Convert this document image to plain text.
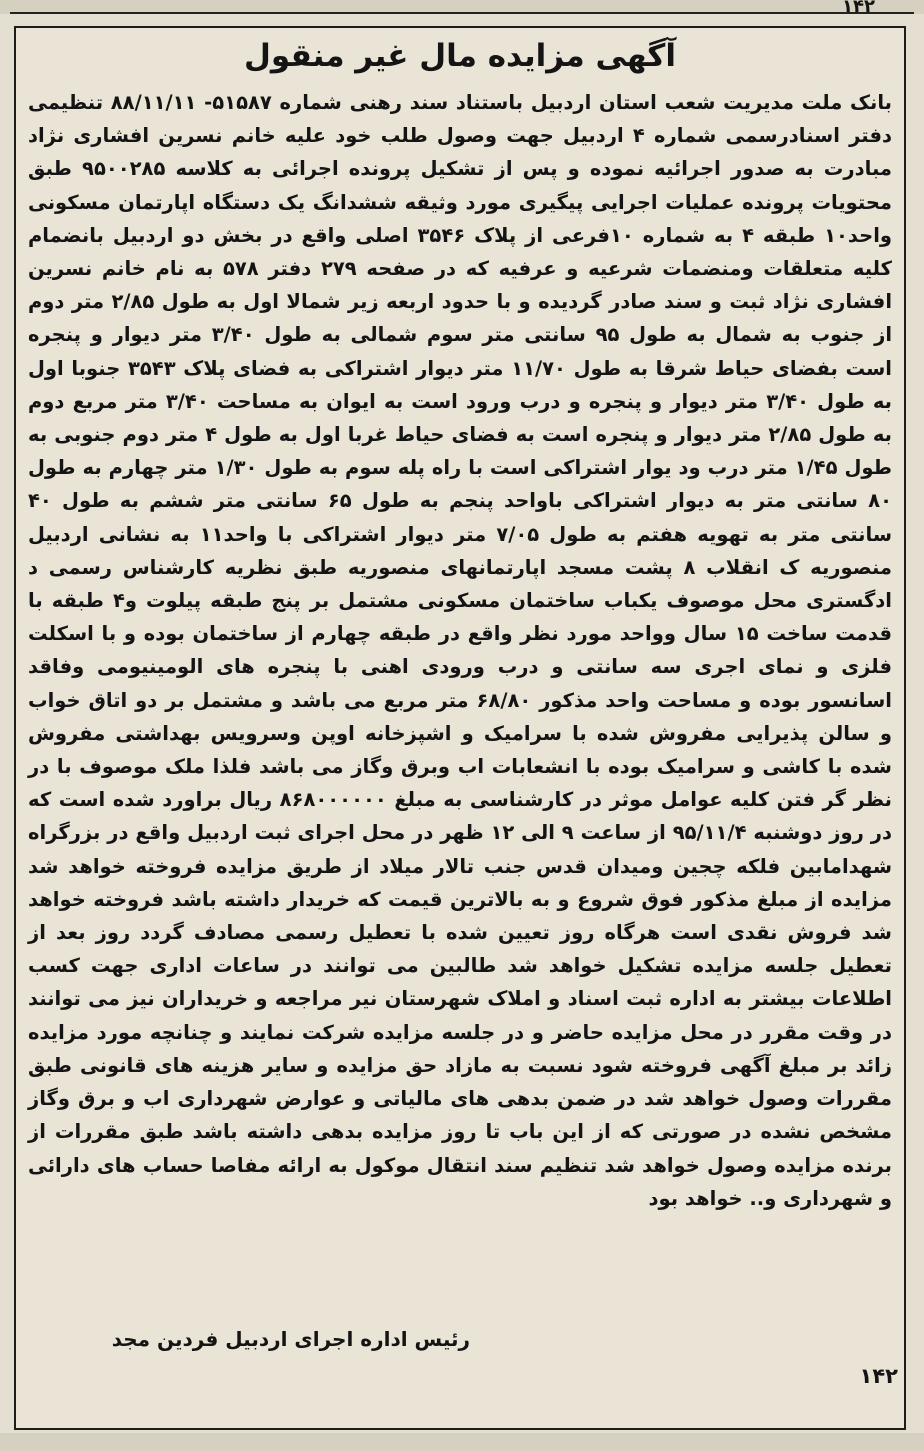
۱۴۲
آگهی مزایده مال غیر منقول
بانک ملت مدیریت شعب استان اردبیل باستناد سند رهنی شماره ۵۱۵۸۷- ۸۸/۱۱/۱۱ تنظیمی دفتر اسنادرسمی شماره ۴ اردبیل جهت وصول طلب خود علیه خانم نسرین افشاری نژاد مبادرت به صدور اجرائیه نموده و پس از تشکیل پرونده اجرائی به کلاسه ۹۵۰۰۲۸۵ طبق محتویات پرونده عملیات اجرایی پیگیری مورد وثیقه ششدانگ یک دستگاه اپارتمان مسکونی واحد۱۰ طبقه ۴ به شماره ۱۰فرعی از پلاک ۳۵۴۶ اصلی واقع در بخش دو اردبیل بانضمام کلیه متعلقات ومنضمات شرعیه و عرفیه که در صفحه ۲۷۹ دفتر ۵۷۸ به نام خانم نسرین افشاری نژاد ثبت و سند صادر گردیده و با حدود اربعه زیر شمالا اول به طول ۲/۸۵ متر دوم از جنوب به شمال به طول ۹۵ سانتی متر سوم شمالی به طول ۳/۴۰ متر دیوار و پنجره است بفضای حیاط شرقا به طول ۱۱/۷۰ متر دیوار اشتراکی به فضای پلاک ۳۵۴۳ جنوبا اول به طول ۳/۴۰ متر دیوار و پنجره و درب ورود است به ایوان به مساحت ۳/۴۰ متر مربع دوم به طول ۲/۸۵ متر دیوار و پنجره است به فضای حیاط غربا اول به طول ۴ متر دوم جنوبی به طول ۱/۴۵ متر درب ود یوار اشتراکی است با راه پله سوم به طول ۱/۳۰ متر چهارم به طول ۸۰ سانتی متر به دیوار اشتراکی باواحد پنجم به طول ۶۵ سانتی متر ششم به طول ۴۰ سانتی متر به تهویه هفتم به طول ۷/۰۵ متر دیوار اشتراکی با واحد۱۱ به نشانی اردبیل منصوریه ک انقلاب ۸ پشت مسجد اپارتمانهای منصوریه طبق نظریه کارشناس رسمی د ادگستری محل موصوف یکباب ساختمان مسکونی مشتمل بر پنج طبقه پیلوت و۴ طبقه با قدمت ساخت ۱۵ سال وواحد مورد نظر واقع در طبقه چهارم از ساختمان بوده و با اسکلت فلزی و نمای اجری سه سانتی و درب ورودی اهنی با پنجره های الومینیومی وفاقد اسانسور بوده و مساحت واحد مذکور ۶۸/۸۰ متر مربع می باشد و مشتمل بر دو اتاق خواب و سالن پذیرایی مفروش شده با سرامیک و اشپزخانه اوپن وسرویس بهداشتی مفروش شده با کاشی و سرامیک بوده با انشعابات اب وبرق وگاز می باشد فلذا ملک موصوف با در نظر گر فتن کلیه عوامل موثر در کارشناسی به مبلغ ۸۶۸۰۰۰۰۰۰ ریال براورد شده است که در روز دوشنبه ۹۵/۱۱/۴ از ساعت ۹ الی ۱۲ ظهر در محل اجرای ثبت اردبیل واقع در بزرگراه شهدامابین فلکه چجین ومیدان قدس جنب تالار میلاد از طریق مزایده فروخته خواهد شد مزایده از مبلغ مذکور فوق شروع و به بالاترین قیمت که خریدار داشته باشد فروخته خواهد شد فروش نقدی است هرگاه روز تعیین شده با تعطیل رسمی مصادف گردد روز بعد از تعطیل جلسه مزایده تشکیل خواهد شد طالبین می توانند در ساعات اداری جهت کسب اطلاعات بیشتر به اداره ثبت اسناد و املاک شهرستان نیر مراجعه و خریداران نیز می توانند در وقت مقرر در محل مزایده حاضر و در جلسه مزایده شرکت نمایند و چنانچه مورد مزایده زائد بر مبلغ آگهی فروخته شود نسبت به مازاد حق مزایده و سایر هزینه های قانونی طبق مقررات وصول خواهد شد در ضمن بدهی های مالیاتی و عوارض شهرداری اب و برق وگاز مشخص نشده در صورتی که از این باب تا روز مزایده بدهی داشته باشد طبق مقررات از برنده مزایده وصول خواهد شد تنظیم سند انتقال موکول به ارائه مفاصا حساب های دارائی و شهرداری و.. خواهد بود
رئیس اداره اجرای اردبیل فردین مجد
۱۴۲
